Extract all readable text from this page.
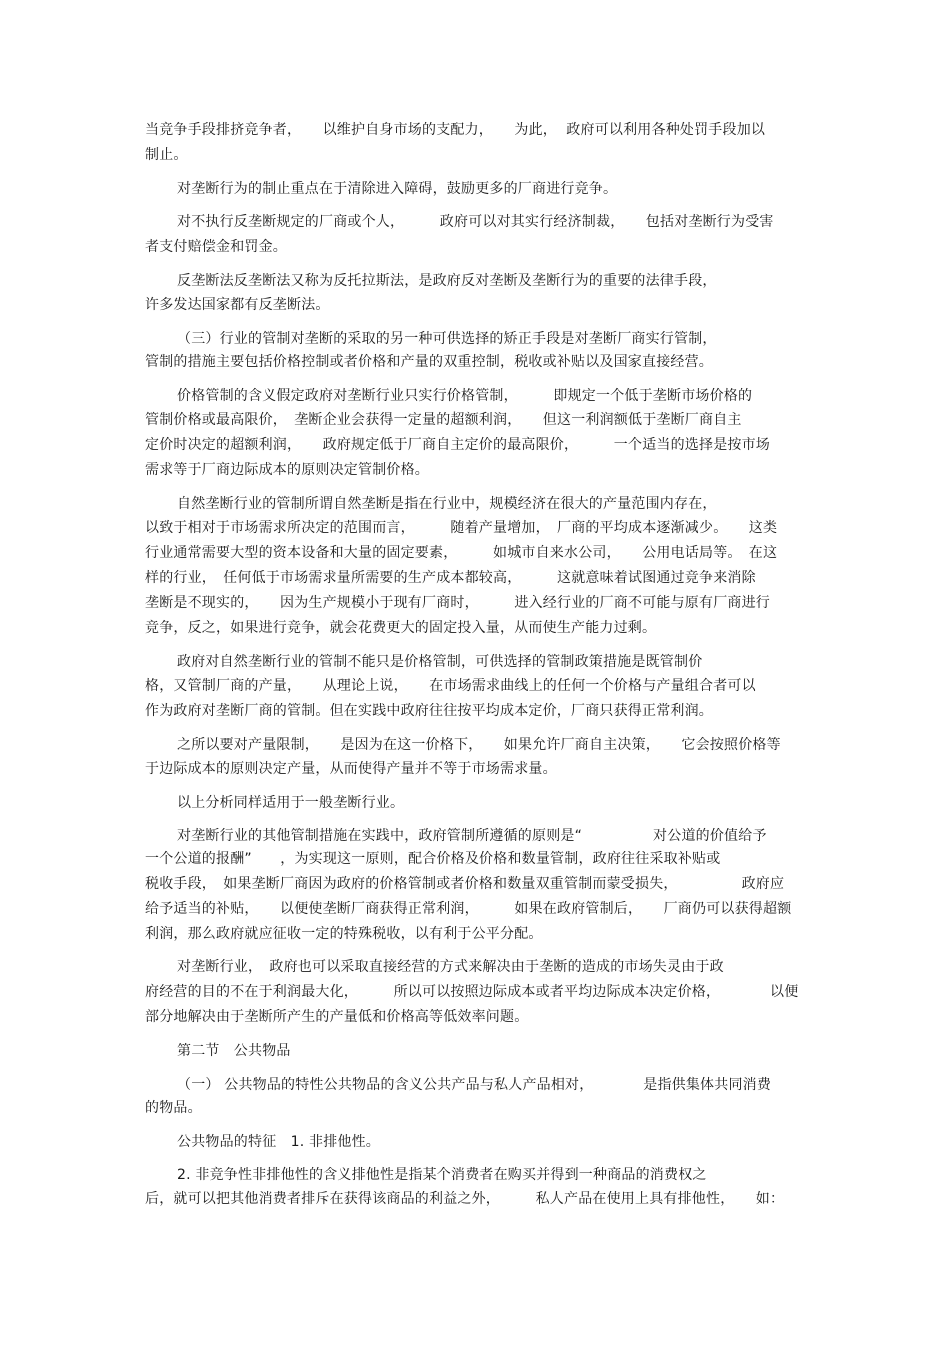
当竞争手段排挤竞争者，　　以维护自身市场的支配力，　　为此，  政府可以利用各种处罚手段加以
制止。
对垄断行为的制止重点在于清除进入障碍，鼓励更多的厂商进行竞争。
对不执行反垄断规定的厂商或个人，　　　政府可以对其实行经济制裁，　　包括对垄断行为受害
者支付赔偿金和罚金。
反垄断法反垄断法又称为反托拉斯法，是政府反对垄断及垄断行为的重要的法律手段，
许多发达国家都有反垄断法。
（三）行业的管制对垄断的采取的另一种可供选择的矫正手段是对垄断厂商实行管制，
管制的措施主要包括价格控制或者价格和产量的双重控制，税收或补贴以及国家直接经营。
价格管制的含义假定政府对垄断行业只实行价格管制，　　　即规定一个低于垄断市场价格的
管制价格或最高限价，　垄断企业会获得一定量的超额利润，　　但这一利润额低于垄断厂商自主
定价时决定的超额利润，　　政府规定低于厂商自主定价的最高限价，　　　一个适当的选择是按市场
需求等于厂商边际成本的原则决定管制价格。
自然垄断行业的管制所谓自然垄断是指在行业中，规模经济在很大的产量范围内存在，
以致于相对于市场需求所决定的范围而言，　　　随着产量增加，　厂商的平均成本逐渐减少。　　这类
行业通常需要大型的资本设备和大量的固定要素，　　　如城市自来水公司，　　公用电话局等。　在这
样的行业，　任何低于市场需求量所需要的生产成本都较高，　　　这就意味着试图通过竞争来消除
垄断是不现实的，　　因为生产规模小于现有厂商时，　　　进入经行业的厂商不可能与原有厂商进行
竞争，反之，如果进行竞争，就会花费更大的固定投入量，从而使生产能力过剩。
政府对自然垄断行业的管制不能只是价格管制，可供选择的管制政策措施是既管制价
格，又管制厂商的产量，　　从理论上说，　　在市场需求曲线上的任何一个价格与产量组合者可以
作为政府对垄断厂商的管制。但在实践中政府往往按平均成本定价，厂商只获得正常利润。
之所以要对产量限制，　　是因为在这一价格下，　　如果允许厂商自主决策，　　它会按照价格等
于边际成本的原则决定产量，从而使得产量并不等于市场需求量。
以上分析同样适用于一般垄断行业。
对垄断行业的其他管制措施在实践中，政府管制所遵循的原则是“　　　　　对公道的价值给予
一个公道的报酬”　　，为实现这一原则，配合价格及价格和数量管制，政府往往采取补贴或
税收手段，　如果垄断厂商因为政府的价格管制或者价格和数量双重管制而蒙受损失，　　　　　政府应
给予适当的补贴，　　以便使垄断厂商获得正常利润，　　　如果在政府管制后，　　厂商仍可以获得超额
利润，那么政府就应征收一定的特殊税收，以有利于公平分配。
对垄断行业，　政府也可以采取直接经营的方式来解决由于垄断的造成的市场失灵由于政
府经营的目的不在于利润最大化，　　　所以可以按照边际成本或者平均边际成本决定价格，　　　　以便
部分地解决由于垄断所产生的产量低和价格高等低效率问题。
第二节　公共物品
（一） 公共物品的特性公共物品的含义公共产品与私人产品相对，　　　　是指供集体共同消费
的物品。
公共物品的特征　1. 非排他性。
2. 非竞争性非排他性的含义排他性是指某个消费者在购买并得到一种商品的消费权之
后，就可以把其他消费者排斥在获得该商品的利益之外，　　　私人产品在使用上具有排他性，　　如：
